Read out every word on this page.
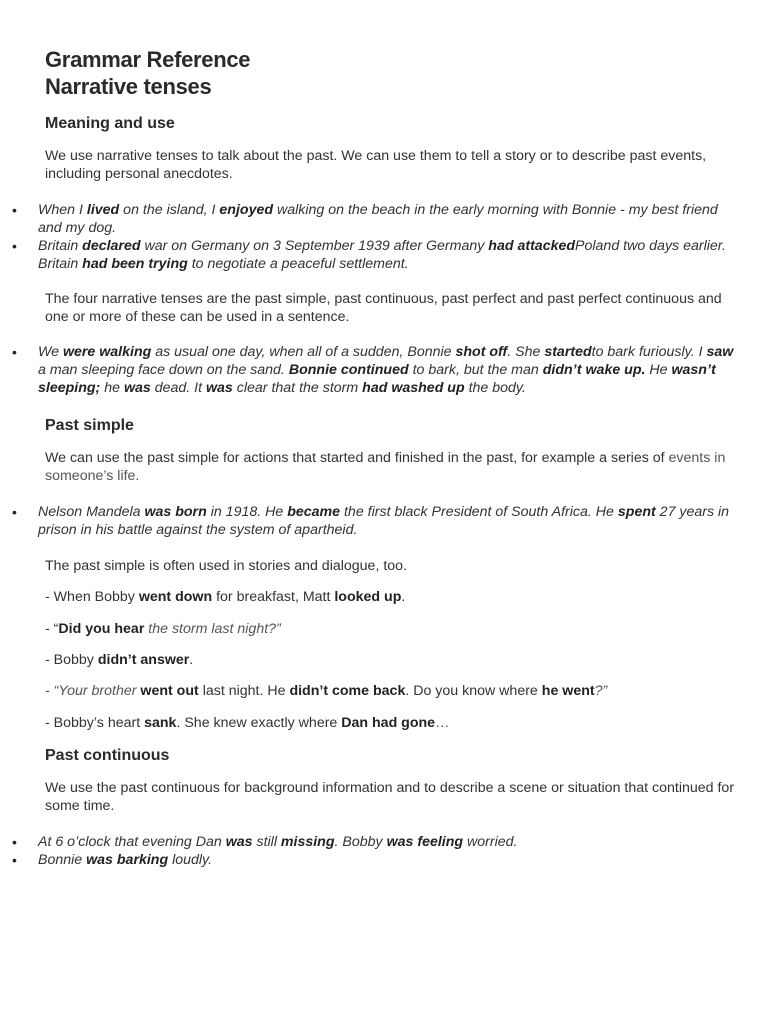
Grammar Reference
Narrative tenses
Meaning and use

We use narrative tenses to talk about the past. We can use them to tell a story or to describe past events, including personal anecdotes.

• When I lived on the island, I enjoyed walking on the beach in the early morning with Bonnie - my best friend and my dog.
• Britain declared war on Germany on 3 September 1939 after Germany had attackedPoland two days earlier. Britain had been trying to negotiate a peaceful settlement.

The four narrative tenses are the past simple, past continuous, past perfect and past perfect continuous and one or more of these can be used in a sentence.

• We were walking as usual one day, when all of a sudden, Bonnie shot off. She startedto bark furiously. I saw a man sleeping face down on the sand. Bonnie continued to bark, but the man didn’t wake up. He wasn’t sleeping; he was dead. It was clear that the storm had washed up the body.
Past simple

We can use the past simple for actions that started and finished in the past, for example a series of events in someone’s life.

• Nelson Mandela was born in 1918. He became the first black President of South Africa. He spent 27 years in prison in his battle against the system of apartheid.

The past simple is often used in stories and dialogue, too.

- When Bobby went down for breakfast, Matt looked up.

- “Did you hear the storm last night?”

- Bobby didn’t answer.

- “Your brother went out last night. He didn’t come back. Do you know where he went?”

- Bobby’s heart sank. She knew exactly where Dan had gone…

Past continuous

We use the past continuous for background information and to describe a scene or situation that continued for some time.

• At 6 o’clock that evening Dan was still missing. Bobby was feeling worried.
• Bonnie was barking loudly.
